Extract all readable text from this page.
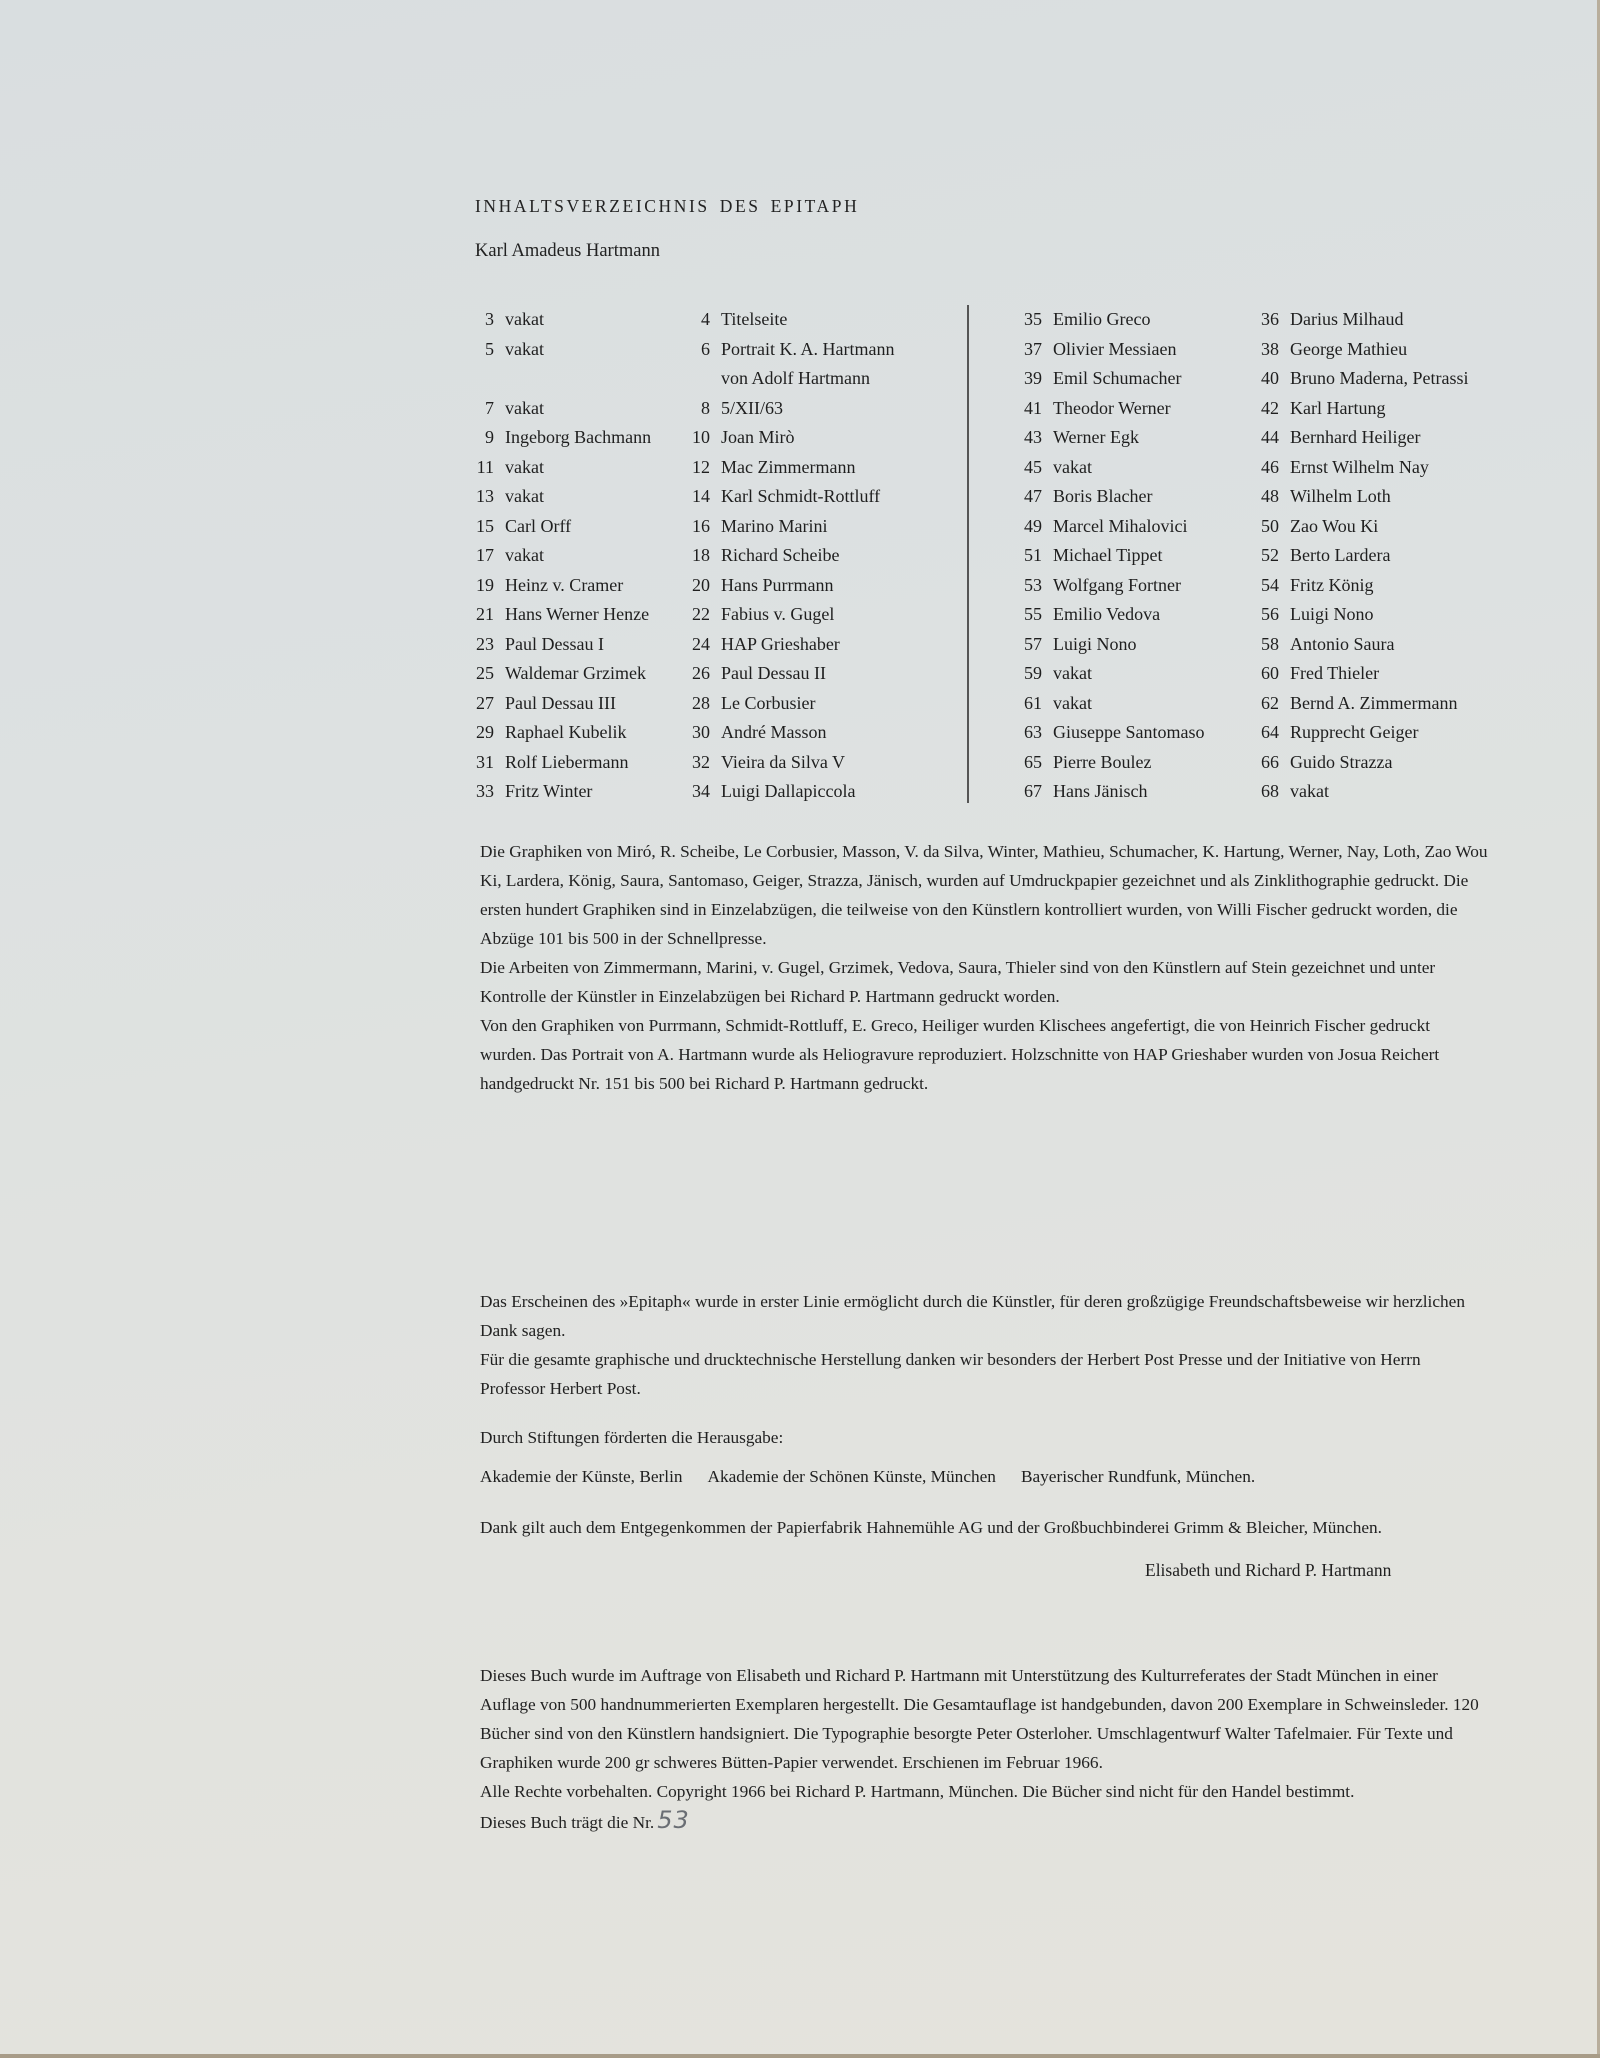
INHALTSVERZEICHNIS DES EPITAPH
Karl Amadeus Hartmann
3 vakat
5 vakat
7 vakat
9 Ingeborg Bachmann
11 vakat
13 vakat
15 Carl Orff
17 vakat
19 Heinz v. Cramer
21 Hans Werner Henze
23 Paul Dessau I
25 Waldemar Grzimek
27 Paul Dessau III
29 Raphael Kubelik
31 Rolf Liebermann
33 Fritz Winter
4 Titelseite
6 Portrait K. A. Hartmann
von Adolf Hartmann
8 5/XII/63
10 Joan Mirò
12 Mac Zimmermann
14 Karl Schmidt-Rottluff
16 Marino Marini
18 Richard Scheibe
20 Hans Purrmann
22 Fabius v. Gugel
24 HAP Grieshaber
26 Paul Dessau II
28 Le Corbusier
30 André Masson
32 Vieira da Silva V
34 Luigi Dallapiccola
35 Emilio Greco
37 Olivier Messiaen
39 Emil Schumacher
41 Theodor Werner
43 Werner Egk
45 vakat
47 Boris Blacher
49 Marcel Mihalovici
51 Michael Tippet
53 Wolfgang Fortner
55 Emilio Vedova
57 Luigi Nono
59 vakat
61 vakat
63 Giuseppe Santomaso
65 Pierre Boulez
67 Hans Jänisch
36 Darius Milhaud
38 George Mathieu
40 Bruno Maderna, Petrassi
42 Karl Hartung
44 Bernhard Heiliger
46 Ernst Wilhelm Nay
48 Wilhelm Loth
50 Zao Wou Ki
52 Berto Lardera
54 Fritz König
56 Luigi Nono
58 Antonio Saura
60 Fred Thieler
62 Bernd A. Zimmermann
64 Rupprecht Geiger
66 Guido Strazza
68 vakat

Die Graphiken von Miró, R. Scheibe, Le Corbusier, Masson, V. da Silva, Winter, Mathieu, Schumacher, K. Hartung, Werner, Nay, Loth, Zao Wou Ki, Lardera, König, Saura, Santomaso, Geiger, Strazza, Jänisch, wurden auf Umdruckpapier gezeichnet und als Zinklithographie gedruckt. Die ersten hundert Graphiken sind in Einzelabzügen, die teilweise von den Künstlern kontrolliert wurden, von Willi Fischer gedruckt worden, die Abzüge 101 bis 500 in der Schnellpresse.

Die Arbeiten von Zimmermann, Marini, v. Gugel, Grzimek, Vedova, Saura, Thieler sind von den Künstlern auf Stein gezeichnet und unter Kontrolle der Künstler in Einzelabzügen bei Richard P. Hartmann gedruckt worden.

Von den Graphiken von Purrmann, Schmidt-Rottluff, E. Greco, Heiliger wurden Klischees angefertigt, die von Heinrich Fischer gedruckt wurden. Das Portrait von A. Hartmann wurde als Heliogravure reproduziert. Holzschnitte von HAP Grieshaber wurden von Josua Reichert handgedruckt Nr. 151 bis 500 bei Richard P. Hartmann gedruckt.

Das Erscheinen des »Epitaph« wurde in erster Linie ermöglicht durch die Künstler, für deren großzügige Freundschaftsbeweise wir herzlichen Dank sagen.

Für die gesamte graphische und drucktechnische Herstellung danken wir besonders der Herbert Post Presse und der Initiative von Herrn Professor Herbert Post.

Durch Stiftungen förderten die Herausgabe:
Akademie der Künste, Berlin Akademie der Schönen Künste, München Bayerischer Rundfunk, München.
Dank gilt auch dem Entgegenkommen der Papierfabrik Hahnemühle AG und der Großbuchbinderei Grimm & Bleicher, München.
Elisabeth und Richard P. Hartmann

Dieses Buch wurde im Auftrage von Elisabeth und Richard P. Hartmann mit Unterstützung des Kulturreferates der Stadt München in einer Auflage von 500 handnummerierten Exemplaren hergestellt. Die Gesamtauflage ist handgebunden, davon 200 Exemplare in Schweinsleder. 120 Bücher sind von den Künstlern handsigniert. Die Typographie besorgte Peter Osterloher. Umschlagentwurf Walter Tafelmaier. Für Texte und Graphiken wurde 200 gr schweres Bütten-Papier verwendet. Erschienen im Februar 1966.

Alle Rechte vorbehalten. Copyright 1966 bei Richard P. Hartmann, München. Die Bücher sind nicht für den Handel bestimmt.

Dieses Buch trägt die Nr. 53
